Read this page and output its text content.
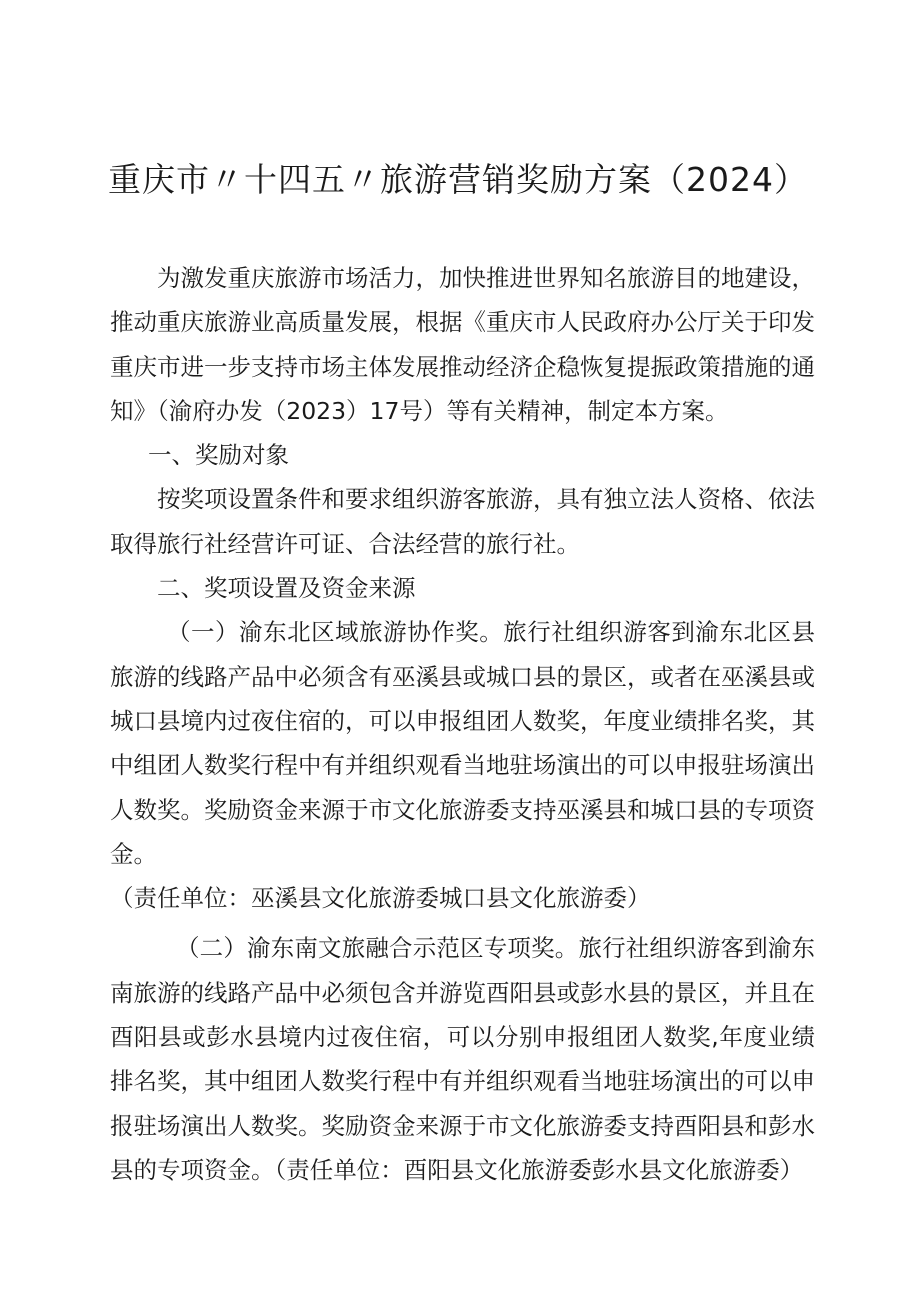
重庆市〃十四五〃旅游营销奖励方案（2024）

为激发重庆旅游市场活力，加快推进世界知名旅游目的地建设，推动重庆旅游业高质量发展，根据《重庆市人民政府办公厅关于印发重庆市进一步支持市场主体发展推动经济企稳恢复提振政策措施的通知》（渝府办发（2023）17号）等有关精神，制定本方案。

一、奖励对象

按奖项设置条件和要求组织游客旅游，具有独立法人资格、依法取得旅行社经营许可证、合法经营的旅行社。

二、奖项设置及资金来源

（一）渝东北区域旅游协作奖。旅行社组织游客到渝东北区县旅游的线路产品中必须含有巫溪县或城口县的景区，或者在巫溪县或城口县境内过夜住宿的，可以申报组团人数奖，年度业绩排名奖，其中组团人数奖行程中有并组织观看当地驻场演出的可以申报驻场演出人数奖。奖励资金来源于市文化旅游委支持巫溪县和城口县的专项资金。

（责任单位：巫溪县文化旅游委城口县文化旅游委）

（二）渝东南文旅融合示范区专项奖。旅行社组织游客到渝东南旅游的线路产品中必须包含并游览酉阳县或彭水县的景区，并且在酉阳县或彭水县境内过夜住宿，可以分别申报组团人数奖,年度业绩排名奖，其中组团人数奖行程中有并组织观看当地驻场演出的可以申报驻场演出人数奖。奖励资金来源于市文化旅游委支持酉阳县和彭水县的专项资金。（责任单位：酉阳县文化旅游委彭水县文化旅游委）
